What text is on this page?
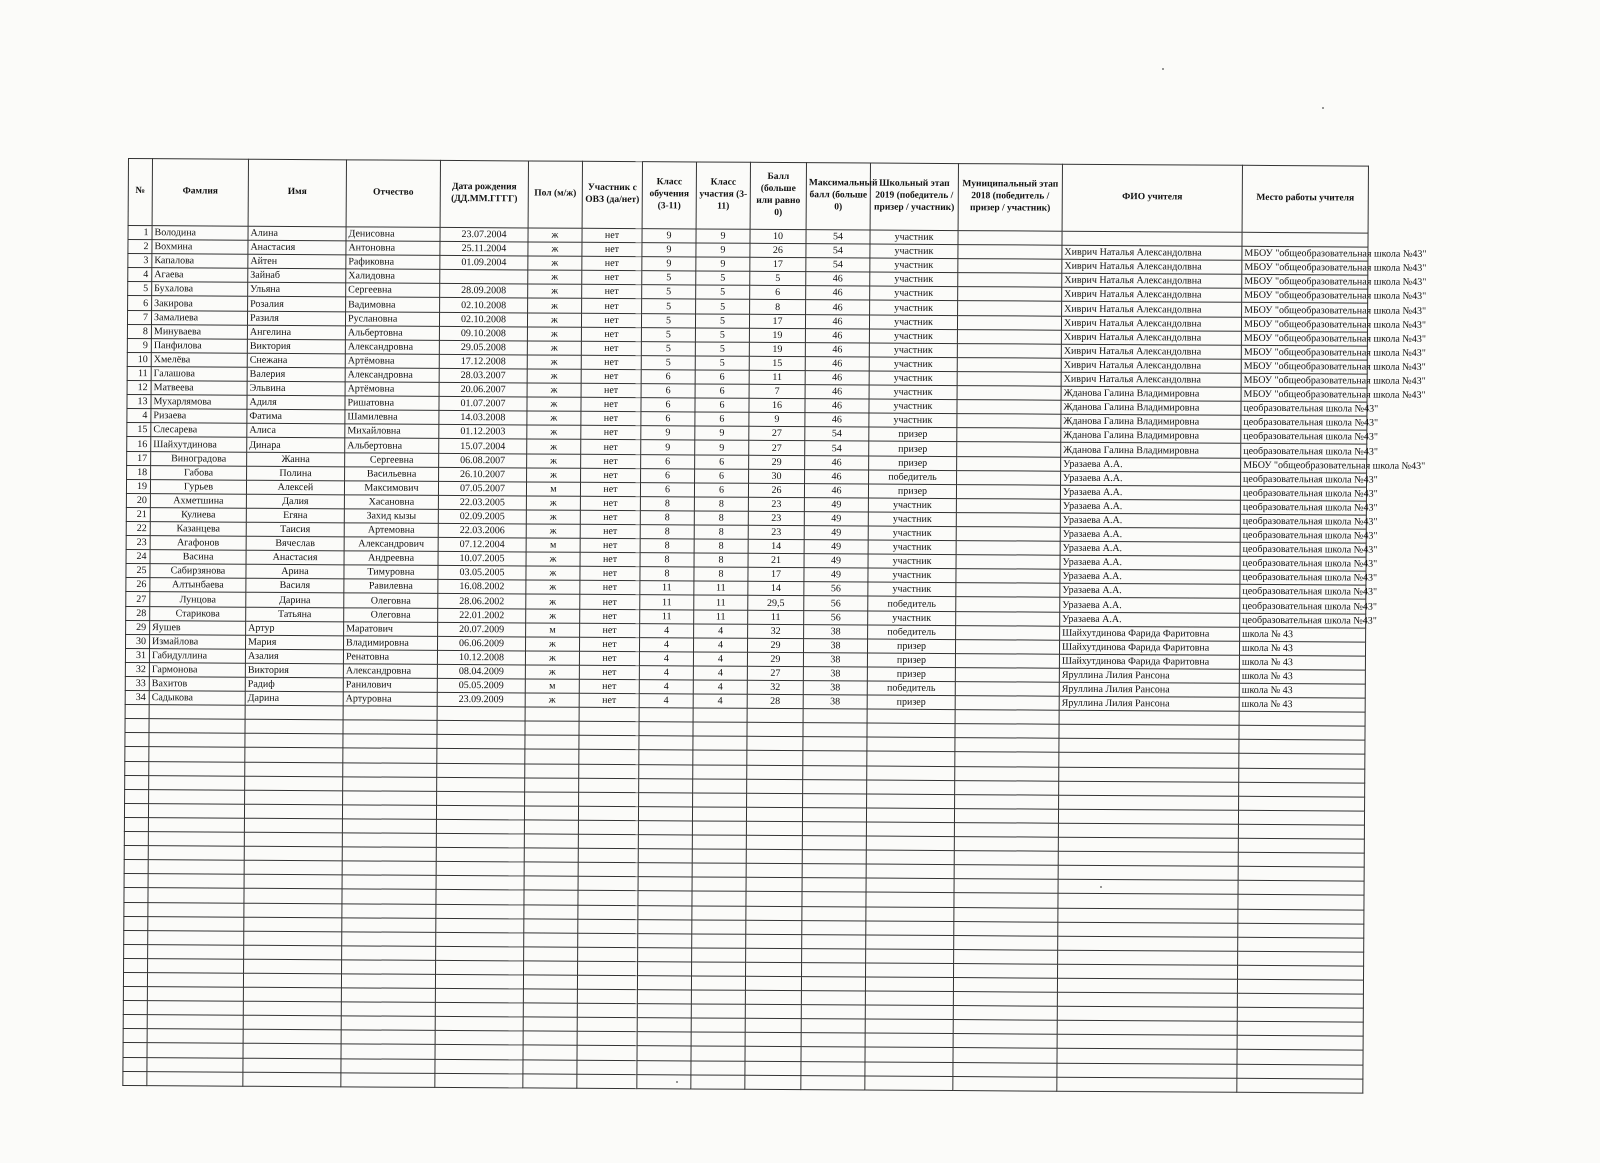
№	Фамлия	Имя	Отчество	Дата рождения (ДД.ММ.ГГГГ)	Пол (м/ж)	Участник с ОВЗ (да/нет)	Класс обучения (3-11)	Класс участия (3-11)	Балл (больше или равно 0)	Максимальный балл (больше 0)	Школьный этап 2019 (победитель / призер / участник)	Муниципальный этап 2018 (победитель / призер / участник)	ФИО учителя	Место работы учителя
1	Володина	Алина	Денисовна	23.07.2004	ж	нет	9	9	10	54	участник			
2	Вохмина	Анастасия	Антоновна	25.11.2004	ж	нет	9	9	26	54	участник		Хиврич Наталья Александолвна	МБОУ "общеобразовательная школа №43"
3	Капалова	Айтен	Рафиковна	01.09.2004	ж	нет	9	9	17	54	участник		Хиврич Наталья Александолвна	МБОУ "общеобразовательная школа №43"
4	Агаева	Зайнаб	Халидовна		ж	нет	5	5	5	46	участник		Хиврич Наталья Александолвна	МБОУ "общеобразовательная школа №43"
5	Бухалова	Ульяна	Сергеевна	28.09.2008	ж	нет	5	5	6	46	участник		Хиврич Наталья Александолвна	МБОУ "общеобразовательная школа №43"
6	Закирова	Розалия	Вадимовна	02.10.2008	ж	нет	5	5	8	46	участник		Хиврич Наталья Александолвна	МБОУ "общеобразовательная школа №43"
7	Замалиева	Разиля	Руслановна	02.10.2008	ж	нет	5	5	17	46	участник		Хиврич Наталья Александолвна	МБОУ "общеобразовательная школа №43"
8	Минуваева	Ангелина	Альбертовна	09.10.2008	ж	нет	5	5	19	46	участник		Хиврич Наталья Александолвна	МБОУ "общеобразовательная школа №43"
9	Панфилова	Виктория	Александровна	29.05.2008	ж	нет	5	5	19	46	участник		Хиврич Наталья Александолвна	МБОУ "общеобразовательная школа №43"
10	Хмелёва	Снежана	Артёмовна	17.12.2008	ж	нет	5	5	15	46	участник		Хиврич Наталья Александолвна	МБОУ "общеобразовательная школа №43"
11	Галашова	Валерия	Александровна	28.03.2007	ж	нет	6	6	11	46	участник		Хиврич Наталья Александолвна	МБОУ "общеобразовательная школа №43"
12	Матвеева	Эльвина	Артёмовна	20.06.2007	ж	нет	6	6	7	46	участник		Жданова Галина Владимировна	МБОУ "общеобразовательная школа №43"
13	Мухарлямова	Адиля	Ришатовна	01.07.2007	ж	нет	6	6	16	46	участник		Жданова Галина Владимировна	цеобразовательная школа №43"
4	Ризаева	Фатима	Шамилевна	14.03.2008	ж	нет	6	6	9	46	участник		Жданова Галина Владимировна	цеобразовательная школа №43"
15	Слесарева	Алиса	Михайловна	01.12.2003	ж	нет	9	9	27	54	призер		Жданова Галина Владимировна	цеобразовательная школа №43"
16	Шайхутдинова	Динара	Альбертовна	15.07.2004	ж	нет	9	9	27	54	призер		Жданова Галина Владимировна	цеобразовательная школа №43"
17	Виноградова	Жанна	Сергеевна	06.08.2007	ж	нет	6	6	29	46	призер		Уразаева А.А.	МБОУ "общеобразовательная школа №43"
18	Габова	Полина	Васильевна	26.10.2007	ж	нет	6	6	30	46	победитель		Уразаева А.А.	цеобразовательная школа №43"
19	Гурьев	Алексей	Максимович	07.05.2007	м	нет	6	6	26	46	призер		Уразаева А.А.	цеобразовательная школа №43"
20	Ахметшина	Далия	Хасановна	22.03.2005	ж	нет	8	8	23	49	участник		Уразаева А.А.	цеобразовательная школа №43"
21	Кулиева	Егяна	Захид кызы	02.09.2005	ж	нет	8	8	23	49	участник		Уразаева А.А.	цеобразовательная школа №43"
22	Казанцева	Таисия	Артемовна	22.03.2006	ж	нет	8	8	23	49	участник		Уразаева А.А.	цеобразовательная школа №43"
23	Агафонов	Вячеслав	Александрович	07.12.2004	м	нет	8	8	14	49	участник		Уразаева А.А.	цеобразовательная школа №43"
24	Васина	Анастасия	Андреевна	10.07.2005	ж	нет	8	8	21	49	участник		Уразаева А.А.	цеобразовательная школа №43"
25	Сабирзянова	Арина	Тимуровна	03.05.2005	ж	нет	8	8	17	49	участник		Уразаева А.А.	цеобразовательная школа №43"
26	Алтынбаева	Василя	Равилевна	16.08.2002	ж	нет	11	11	14	56	участник		Уразаева А.А.	цеобразовательная школа №43"
27	Лунцова	Дарина	Олеговна	28.06.2002	ж	нет	11	11	29,5	56	победитель		Уразаева А.А.	цеобразовательная школа №43"
28	Старикова	Татьяна	Олеговна	22.01.2002	ж	нет	11	11	11	56	участник		Уразаева А.А.	цеобразовательная школа №43"
29	Яушев	Артур	Маратович	20.07.2009	м	нет	4	4	32	38	победитель		Шайхутдинова Фарида Фаритовна	школа № 43
30	Измайлова	Мария	Владимировна	06.06.2009	ж	нет	4	4	29	38	призер		Шайхутдинова Фарида Фаритовна	школа № 43
31	Габидуллина	Азалия	Ренатовна	10.12.2008	ж	нет	4	4	29	38	призер		Шайхутдинова Фарида Фаритовна	школа № 43
32	Гармонова	Виктория	Александровна	08.04.2009	ж	нет	4	4	27	38	призер		Яруллина Лилия Рансона	школа № 43
33	Вахитов	Радиф	Ранилович	05.05.2009	м	нет	4	4	32	38	победитель		Яруллина Лилия Рансона	школа № 43
34	Садыкова	Дарина	Артуровна	23.09.2009	ж	нет	4	4	28	38	призер		Яруллина Лилия Рансона	школа № 43
